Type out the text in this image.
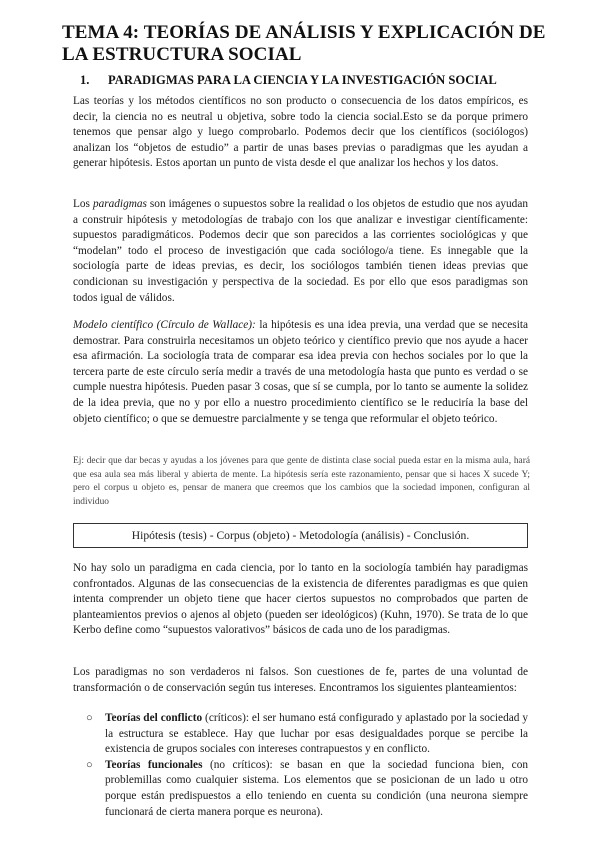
TEMA 4: TEORÍAS DE ANÁLISIS Y EXPLICACIÓN DE LA ESTRUCTURA SOCIAL
1. PARADIGMAS PARA LA CIENCIA Y LA INVESTIGACIÓN SOCIAL

Las teorías y los métodos científicos no son producto o consecuencia de los datos empíricos, es decir, la ciencia no es neutral u objetiva, sobre todo la ciencia social.Esto se da porque primero tenemos que pensar algo y luego comprobarlo. Podemos decir que los científicos (sociólogos) analizan los “objetos de estudio” a partir de unas bases previas o paradigmas que les ayudan a generar hipótesis. Estos aportan un punto de vista desde el que analizar los hechos y los datos.

Los paradigmas son imágenes o supuestos sobre la realidad o los objetos de estudio que nos ayudan a construir hipótesis y metodologías de trabajo con los que analizar e investigar científicamente: supuestos paradigmáticos. Podemos decir que son parecidos a las corrientes sociológicas y que “modelan” todo el proceso de investigación que cada sociólogo/a tiene. Es innegable que la sociología parte de ideas previas, es decir, los sociólogos también tienen ideas previas que condicionan su investigación y perspectiva de la sociedad. Es por ello que esos paradigmas son todos igual de válidos.

Modelo científico (Círculo de Wallace): la hipótesis es una idea previa, una verdad que se necesita demostrar. Para construirla necesitamos un objeto teórico y científico previo que nos ayude a hacer esa afirmación. La sociología trata de comparar esa idea previa con hechos sociales por lo que la tercera parte de este círculo sería medir a través de una metodología hasta que punto es verdad o se cumple nuestra hipótesis. Pueden pasar 3 cosas, que sí se cumpla, por lo tanto se aumente la solidez de la idea previa, que no y por ello a nuestro procedimiento científico se le reduciría la base del objeto científico; o que se demuestre parcialmente y se tenga que reformular el objeto teórico.

Ej: decir que dar becas y ayudas a los jóvenes para que gente de distinta clase social pueda estar en la misma aula, hará que esa aula sea más liberal y abierta de mente. La hipótesis sería este razonamiento, pensar que si haces X sucede Y; pero el corpus u objeto es, pensar de manera que creemos que los cambios que la sociedad imponen, configuran al individuo

Hipótesis (tesis) - Corpus (objeto) - Metodología (análisis) - Conclusión.

No hay solo un paradigma en cada ciencia, por lo tanto en la sociología también hay paradigmas confrontados. Algunas de las consecuencias de la existencia de diferentes paradigmas es que quien intenta comprender un objeto tiene que hacer ciertos supuestos no comprobados que parten de planteamientos previos o ajenos al objeto (pueden ser ideológicos) (Kuhn, 1970). Se trata de lo que Kerbo define como “supuestos valorativos” básicos de cada uno de los paradigmas.

Los paradigmas no son verdaderos ni falsos. Son cuestiones de fe, partes de una voluntad de transformación o de conservación según tus intereses. Encontramos los siguientes planteamientos:

○ Teorías del conflicto (críticos): el ser humano está configurado y aplastado por la sociedad y la estructura se establece. Hay que luchar por esas desigualdades porque se percibe la existencia de grupos sociales con intereses contrapuestos y en conflicto.
○ Teorías funcionales (no críticos): se basan en que la sociedad funciona bien, con problemillas como cualquier sistema. Los elementos que se posicionan de un lado u otro porque están predispuestos a ello teniendo en cuenta su condición (una neurona siempre funcionará de cierta manera porque es neurona).
